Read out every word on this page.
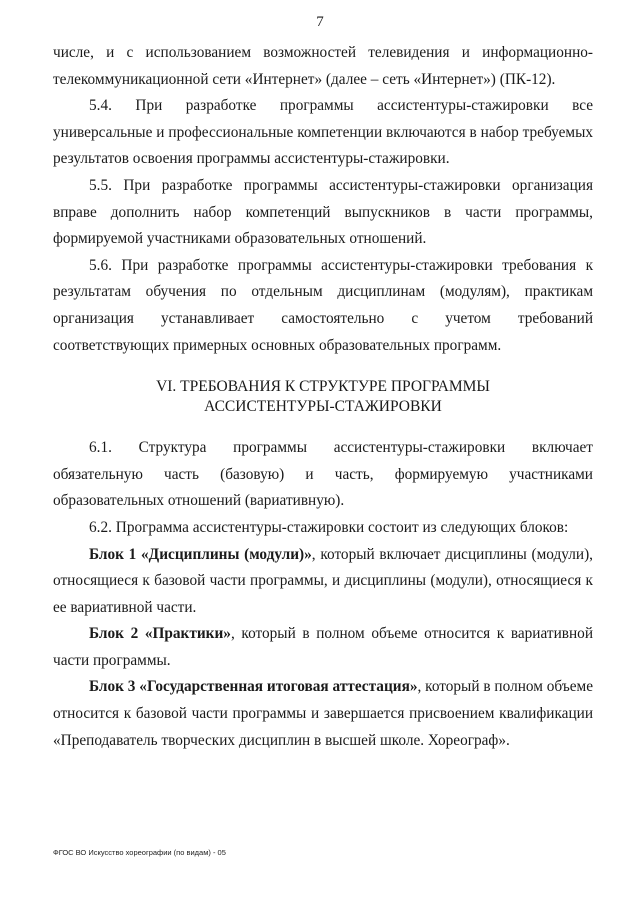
7

числе, и с использованием возможностей телевидения и информационно-телекоммуникационной сети «Интернет» (далее – сеть «Интернет») (ПК-12).

5.4. При разработке программы ассистентуры-стажировки все универсальные и профессиональные компетенции включаются в набор требуемых результатов освоения программы ассистентуры-стажировки.

5.5. При разработке программы ассистентуры-стажировки организация вправе дополнить набор компетенций выпускников в части программы, формируемой участниками образовательных отношений.

5.6. При разработке программы ассистентуры-стажировки требования к результатам обучения по отдельным дисциплинам (модулям), практикам организация устанавливает самостоятельно с учетом требований соответствующих примерных основных образовательных программ.

VI. ТРЕБОВАНИЯ К СТРУКТУРЕ ПРОГРАММЫ
АССИСТЕНТУРЫ-СТАЖИРОВКИ

6.1. Структура программы ассистентуры-стажировки включает обязательную часть (базовую) и часть, формируемую участниками образовательных отношений (вариативную).

6.2. Программа ассистентуры-стажировки состоит из следующих блоков:

Блок 1 «Дисциплины (модули)», который включает дисциплины (модули), относящиеся к базовой части программы, и дисциплины (модули), относящиеся к ее вариативной части.

Блок 2 «Практики», который в полном объеме относится к вариативной части программы.

Блок 3 «Государственная итоговая аттестация», который в полном объеме относится к базовой части программы и завершается присвоением квалификации «Преподаватель творческих дисциплин в высшей школе. Хореограф».

ФГОС ВО Искусство хореографии (по видам) - 05
